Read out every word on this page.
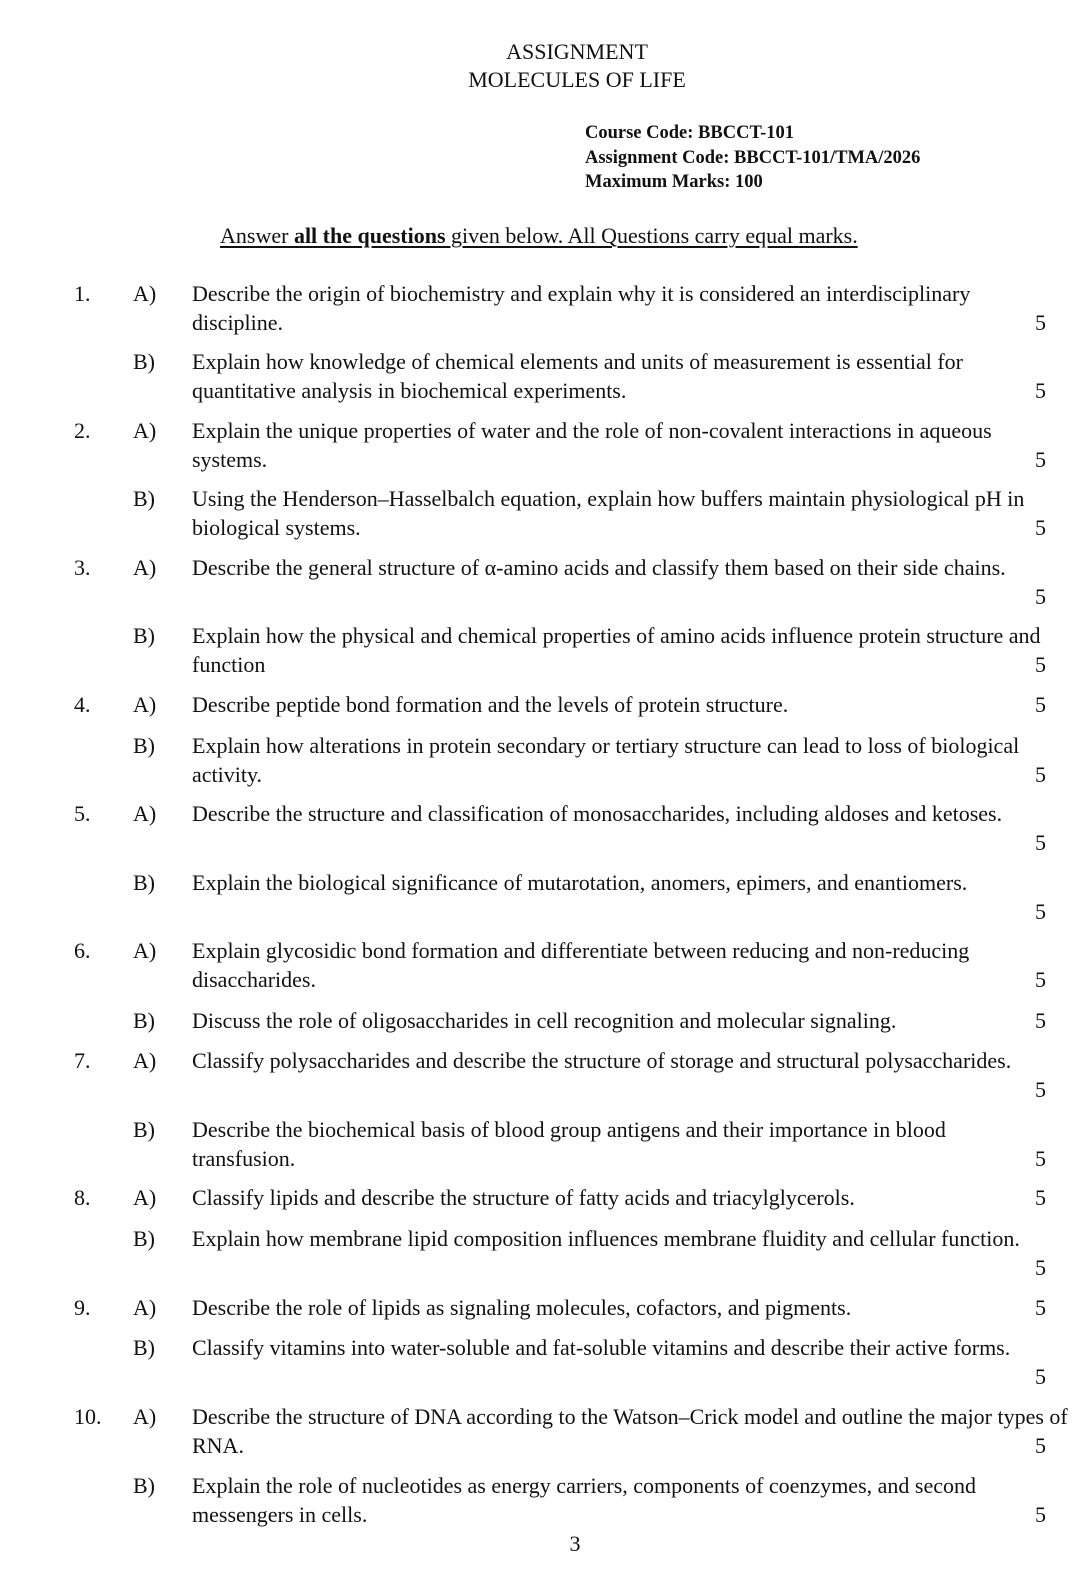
ASSIGNMENT
MOLECULES OF LIFE
Course Code: BBCCT-101
Assignment Code: BBCCT-101/TMA/2026
Maximum Marks: 100
Answer all the questions given below. All Questions carry equal marks.
1. A) Describe the origin of biochemistry and explain why it is considered an interdisciplinary discipline.	5
B) Explain how knowledge of chemical elements and units of measurement is essential for quantitative analysis in biochemical experiments.	5
2. A) Explain the unique properties of water and the role of non-covalent interactions in aqueous systems.	5
B) Using the Henderson–Hasselbalch equation, explain how buffers maintain physiological pH in biological systems.	5
3. A) Describe the general structure of α-amino acids and classify them based on their side chains.
5
B) Explain how the physical and chemical properties of amino acids influence protein structure and function	5
4. A) Describe peptide bond formation and the levels of protein structure.	5
B) Explain how alterations in protein secondary or tertiary structure can lead to loss of biological activity.	5
5. A) Describe the structure and classification of monosaccharides, including aldoses and ketoses.
5
B) Explain the biological significance of mutarotation, anomers, epimers, and enantiomers.
5
6. A) Explain glycosidic bond formation and differentiate between reducing and non-reducing disaccharides.	5
B) Discuss the role of oligosaccharides in cell recognition and molecular signaling.	5
7. A) Classify polysaccharides and describe the structure of storage and structural polysaccharides.
5
B) Describe the biochemical basis of blood group antigens and their importance in blood transfusion.	5
8. A) Classify lipids and describe the structure of fatty acids and triacylglycerols.	5
B) Explain how membrane lipid composition influences membrane fluidity and cellular function.
5
9. A) Describe the role of lipids as signaling molecules, cofactors, and pigments.	5
B) Classify vitamins into water-soluble and fat-soluble vitamins and describe their active forms.
5
10. A) Describe the structure of DNA according to the Watson–Crick model and outline the major types of RNA.	5
B) Explain the role of nucleotides as energy carriers, components of coenzymes, and second messengers in cells.	5
3
